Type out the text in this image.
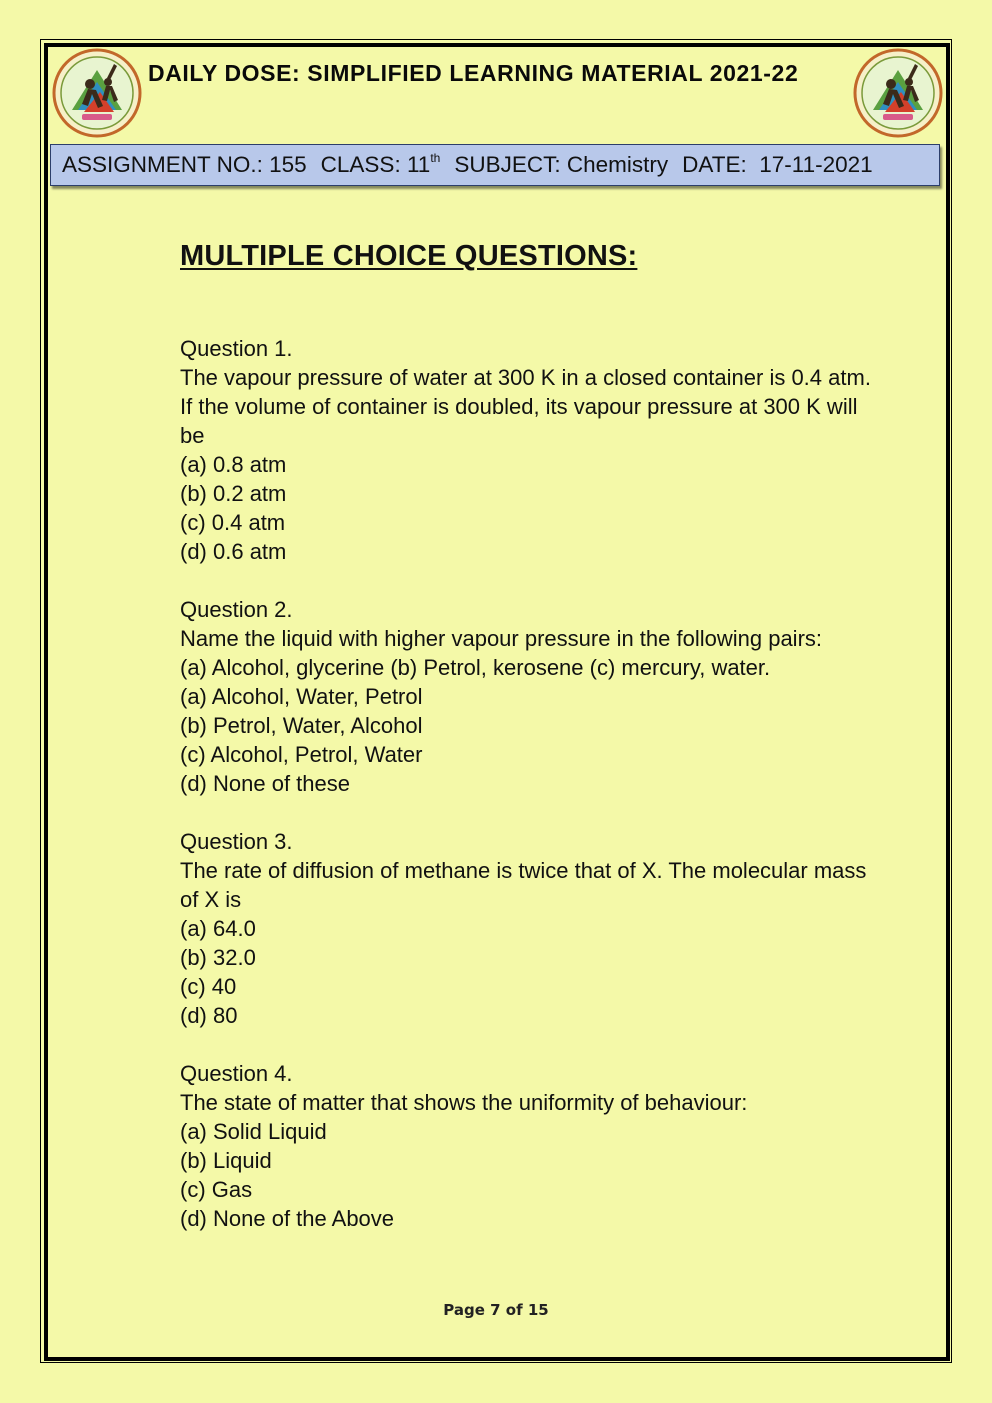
DAILY DOSE: SIMPLIFIED LEARNING MATERIAL 2021-22
ASSIGNMENT NO.: 155 CLASS: 11th SUBJECT: Chemistry DATE:  17-11-2021
MULTIPLE CHOICE QUESTIONS:
Question 1.
The vapour pressure of water at 300 K in a closed container is 0.4 atm. If the volume of container is doubled, its vapour pressure at 300 K will be
(a) 0.8 atm
(b) 0.2 atm
(c) 0.4 atm
(d) 0.6 atm
Question 2.
Name the liquid with higher vapour pressure in the following pairs:
(a) Alcohol, glycerine (b) Petrol, kerosene (c) mercury, water.
(a) Alcohol, Water, Petrol
(b) Petrol, Water, Alcohol
(c) Alcohol, Petrol, Water
(d) None of these
Question 3.
The rate of diffusion of methane is twice that of X. The molecular mass of X is
(a) 64.0
(b) 32.0
(c) 40
(d) 80
Question 4.
The state of matter that shows the uniformity of behaviour:
(a) Solid Liquid
(b) Liquid
(c) Gas
(d) None of the Above
Page 7 of 15
